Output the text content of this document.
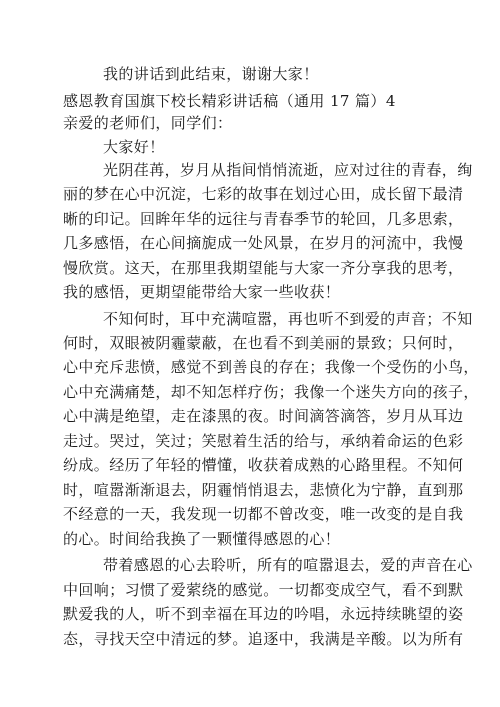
我的讲话到此结束，谢谢大家！
感恩教育国旗下校长精彩讲话稿（通用 17 篇）4
亲爱的老师们，同学们：
大家好！
光阴荏苒，岁月从指间悄悄流逝，应对过往的青春，绚
丽的梦在心中沉淀，七彩的故事在划过心田，成长留下最清
晰的印记。回眸年华的远往与青春季节的轮回，几多思索，
几多感悟，在心间摘旎成一处风景，在岁月的河流中，我慢
慢欣赏。这天，在那里我期望能与大家一齐分享我的思考，
我的感悟，更期望能带给大家一些收获！
不知何时，耳中充满喧嚣，再也听不到爱的声音；不知
何时，双眼被阴霾蒙蔽，在也看不到美丽的景致；只何时，
心中充斥悲愤，感觉不到善良的存在；我像一个受伤的小鸟，
心中充满痛楚，却不知怎样疗伤；我像一个迷失方向的孩子，
心中满是绝望，走在漆黑的夜。时间滴答滴答，岁月从耳边
走过。哭过，笑过；笑慰着生活的给与，承纳着命运的色彩
纷成。经历了年轻的懵懂，收获着成熟的心路里程。不知何
时，喧嚣渐渐退去，阴霾悄悄退去，悲愤化为宁静，直到那
不经意的一天，我发现一切都不曾改变，唯一改变的是自我
的心。时间给我换了一颗懂得感恩的心！
带着感恩的心去聆听，所有的喧嚣退去，爱的声音在心
中回响；习惯了爱萦绕的感觉。一切都变成空气，看不到默
默爱我的人，听不到幸福在耳边的吟唱，永远持续眺望的姿
态，寻找天空中清远的梦。追逐中，我满是辛酸。以为所有
